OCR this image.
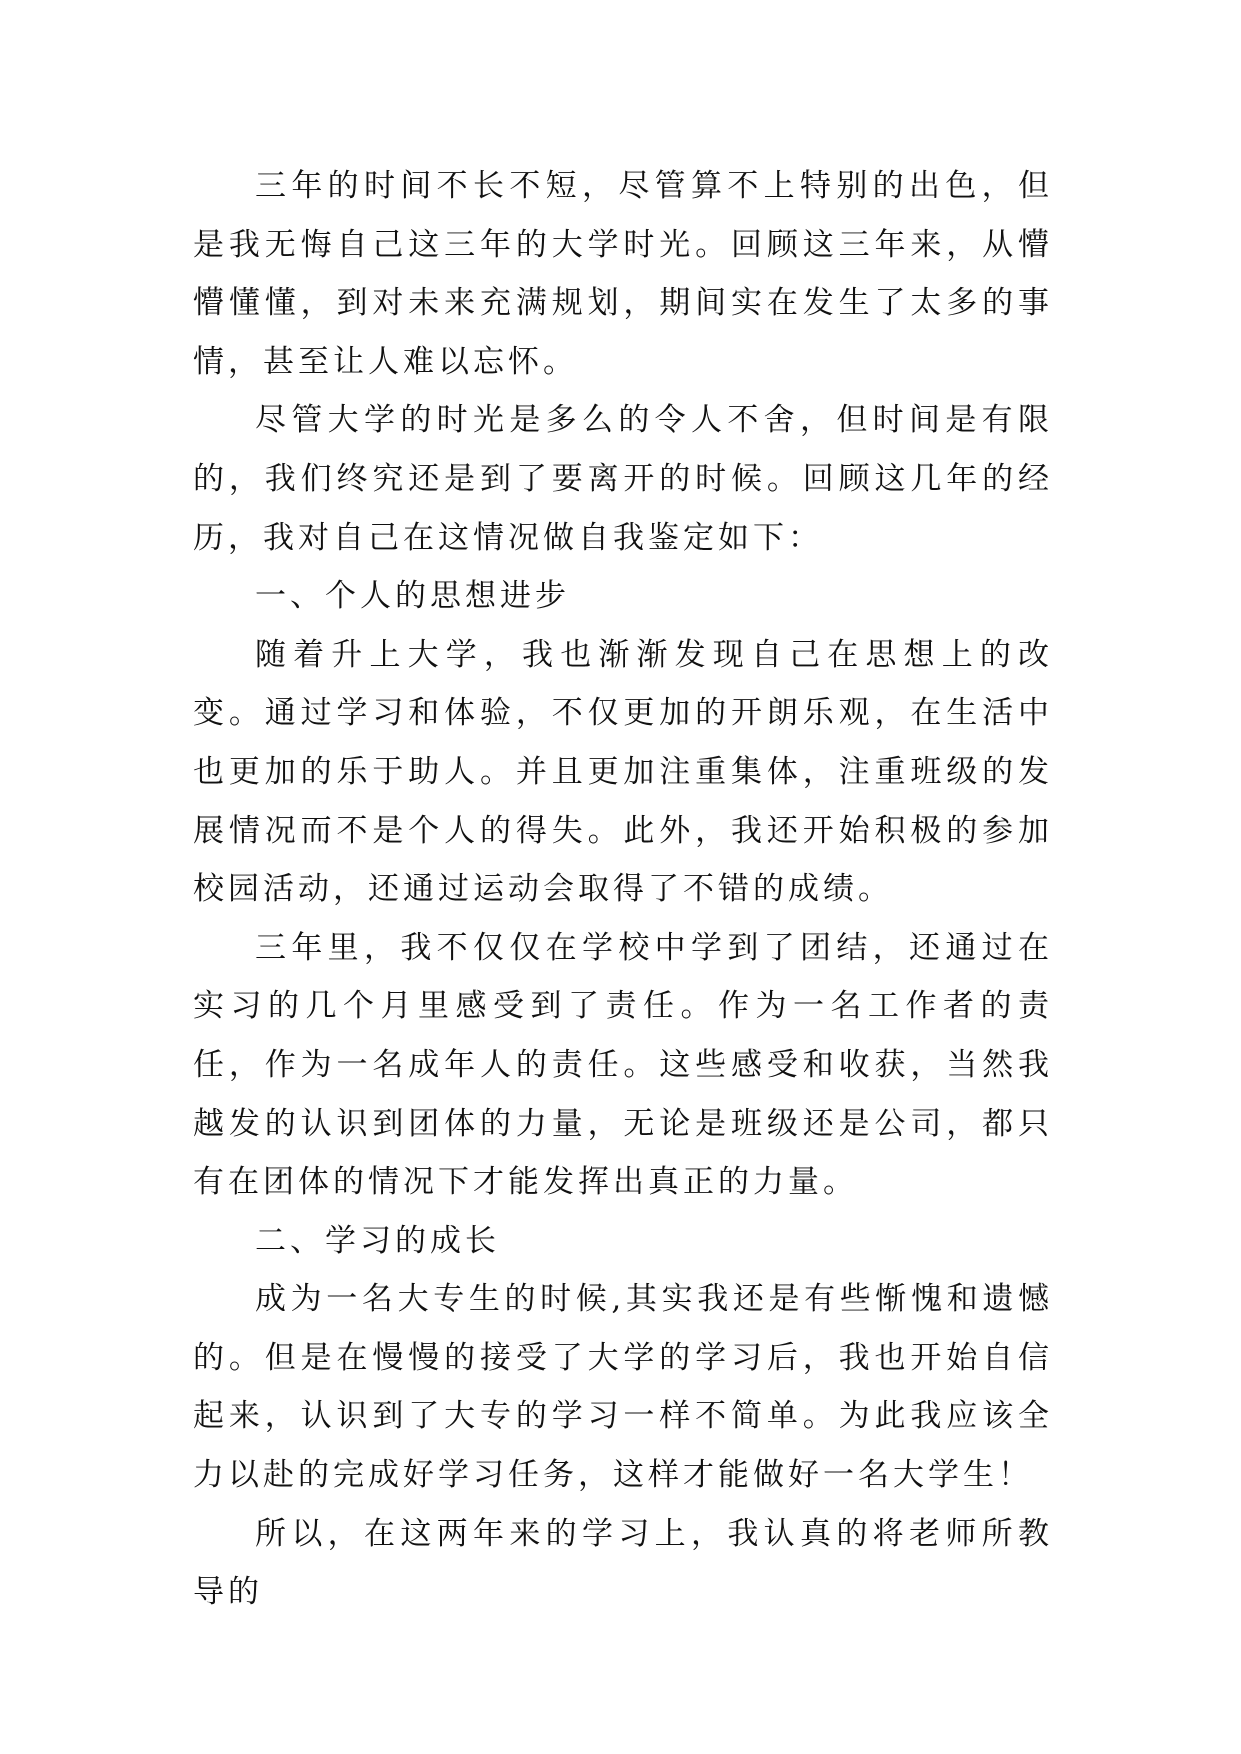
三年的时间不长不短，尽管算不上特别的出色，但是我无悔自己这三年的大学时光。回顾这三年来，从懵懵懂懂，到对未来充满规划，期间实在发生了太多的事情，甚至让人难以忘怀。

尽管大学的时光是多么的令人不舍，但时间是有限的，我们终究还是到了要离开的时候。回顾这几年的经历，我对自己在这情况做自我鉴定如下：

一、个人的思想进步

随着升上大学，我也渐渐发现自己在思想上的改变。通过学习和体验，不仅更加的开朗乐观，在生活中也更加的乐于助人。并且更加注重集体，注重班级的发展情况而不是个人的得失。此外，我还开始积极的参加校园活动，还通过运动会取得了不错的成绩。

三年里，我不仅仅在学校中学到了团结，还通过在实习的几个月里感受到了责任。作为一名工作者的责任，作为一名成年人的责任。这些感受和收获，当然我越发的认识到团体的力量，无论是班级还是公司，都只有在团体的情况下才能发挥出真正的力量。

二、学习的成长

成为一名大专生的时候,其实我还是有些惭愧和遗憾的。但是在慢慢的接受了大学的学习后，我也开始自信起来，认识到了大专的学习一样不简单。为此我应该全力以赴的完成好学习任务，这样才能做好一名大学生！

所以，在这两年来的学习上，我认真的将老师所教导的
